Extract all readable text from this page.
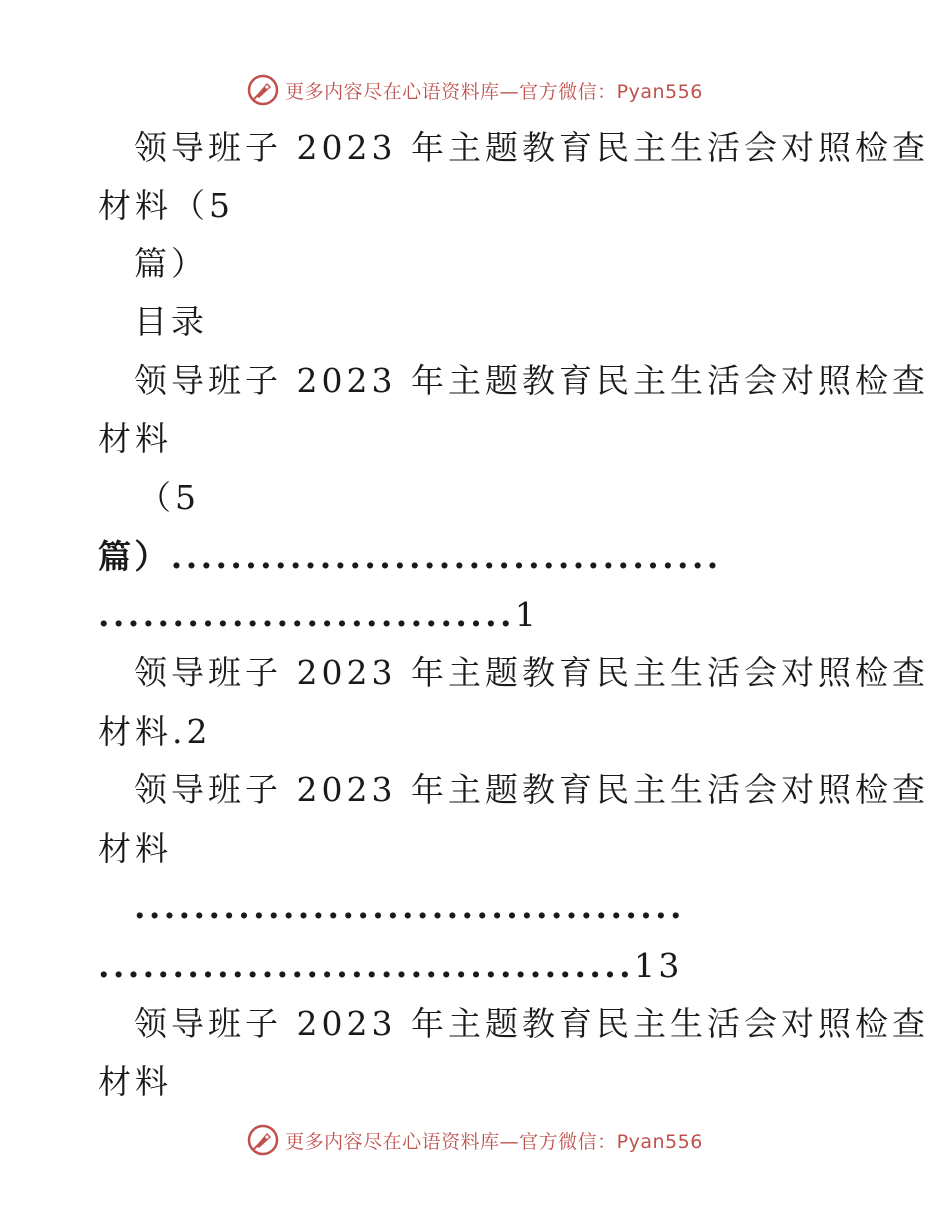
更多内容尽在心语资料库—官方微信：Pyan556
领导班子 2023 年主题教育民主生活会对照检查
材料（5
篇）
目录
领导班子 2023 年主题教育民主生活会对照检查
材料
（5
篇）.....................................
............................1
领导班子 2023 年主题教育民主生活会对照检查
材料.2
领导班子 2023 年主题教育民主生活会对照检查
材料
.....................................
....................................13
领导班子 2023 年主题教育民主生活会对照检查
材料
更多内容尽在心语资料库—官方微信：Pyan556
